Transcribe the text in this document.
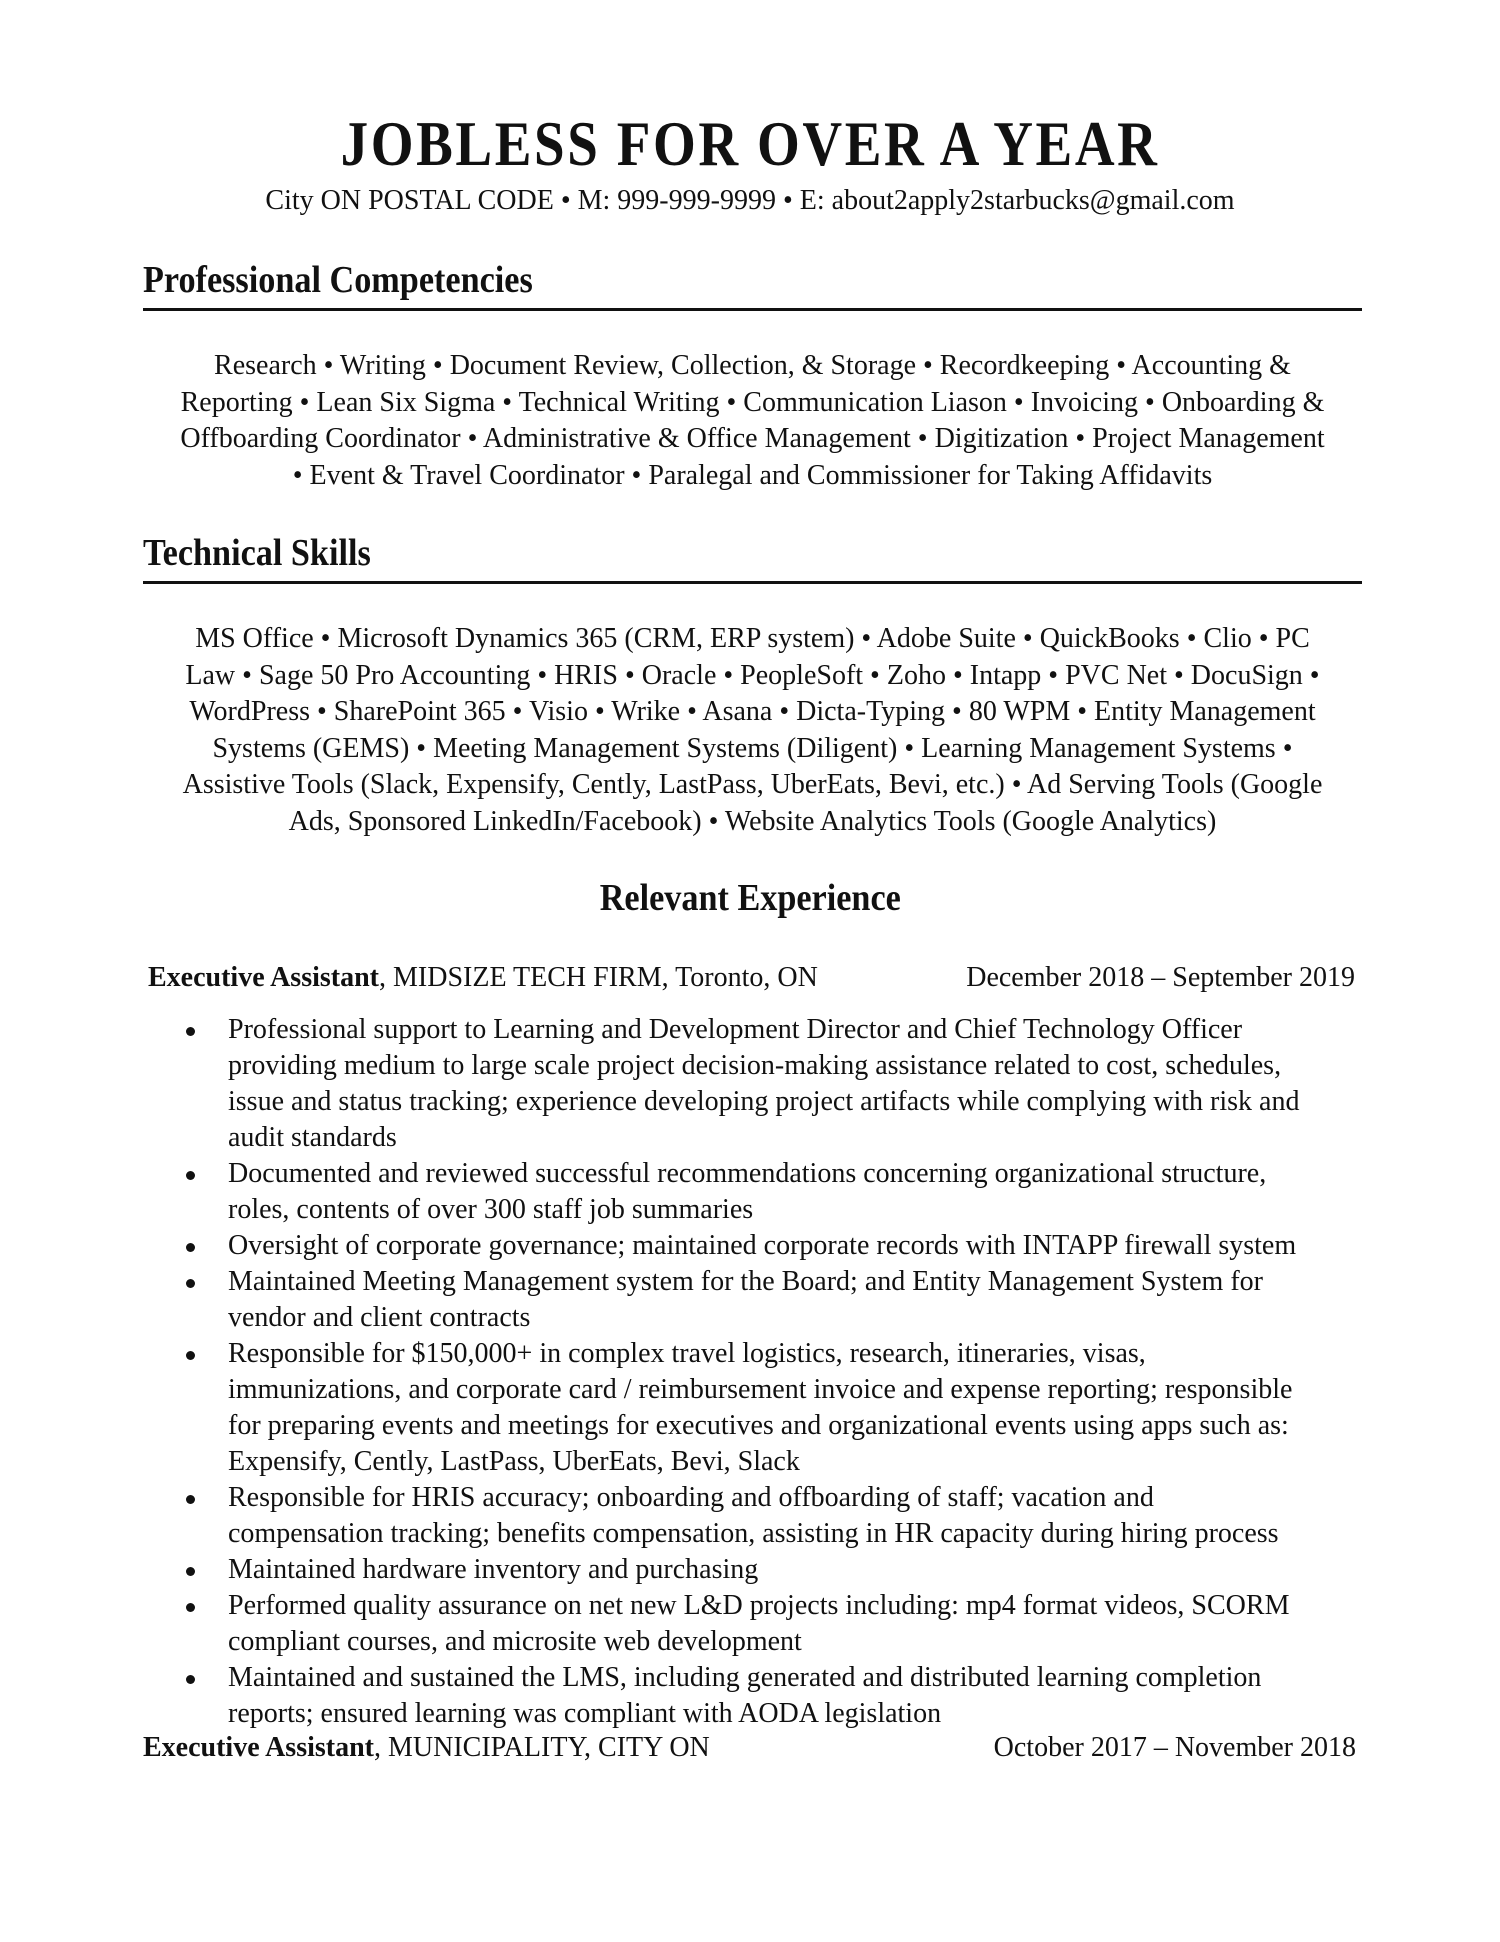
JOBLESS FOR OVER A YEAR
City ON POSTAL CODE • M: 999-999-9999 • E: about2apply2starbucks@gmail.com
Professional Competencies
Research • Writing • Document Review, Collection, & Storage • Recordkeeping • Accounting &
Reporting • Lean Six Sigma • Technical Writing • Communication Liason • Invoicing • Onboarding &
Offboarding Coordinator • Administrative & Office Management • Digitization • Project Management
• Event & Travel Coordinator • Paralegal and Commissioner for Taking Affidavits
Technical Skills
MS Office • Microsoft Dynamics 365 (CRM, ERP system) • Adobe Suite • QuickBooks • Clio • PC
Law • Sage 50 Pro Accounting • HRIS • Oracle • PeopleSoft • Zoho • Intapp • PVC Net • DocuSign •
WordPress • SharePoint 365 • Visio • Wrike • Asana • Dicta-Typing • 80 WPM • Entity Management
Systems (GEMS) • Meeting Management Systems (Diligent) • Learning Management Systems •
Assistive Tools (Slack, Expensify, Cently, LastPass, UberEats, Bevi, etc.) • Ad Serving Tools (Google
Ads, Sponsored LinkedIn/Facebook) • Website Analytics Tools (Google Analytics)
Relevant Experience
Executive Assistant, MIDSIZE TECH FIRM, Toronto, ON	December 2018 – September 2019
Professional support to Learning and Development Director and Chief Technology Officer
providing medium to large scale project decision-making assistance related to cost, schedules,
issue and status tracking; experience developing project artifacts while complying with risk and
audit standards
Documented and reviewed successful recommendations concerning organizational structure,
roles, contents of over 300 staff job summaries
Oversight of corporate governance; maintained corporate records with INTAPP firewall system
Maintained Meeting Management system for the Board; and Entity Management System for
vendor and client contracts
Responsible for $150,000+ in complex travel logistics, research, itineraries, visas,
immunizations, and corporate card / reimbursement invoice and expense reporting; responsible
for preparing events and meetings for executives and organizational events using apps such as:
Expensify, Cently, LastPass, UberEats, Bevi, Slack
Responsible for HRIS accuracy; onboarding and offboarding of staff; vacation and
compensation tracking; benefits compensation, assisting in HR capacity during hiring process
Maintained hardware inventory and purchasing
Performed quality assurance on net new L&D projects including: mp4 format videos, SCORM
compliant courses, and microsite web development
Maintained and sustained the LMS, including generated and distributed learning completion
reports; ensured learning was compliant with AODA legislation
Executive Assistant, MUNICIPALITY, CITY ON	October 2017 – November 2018
